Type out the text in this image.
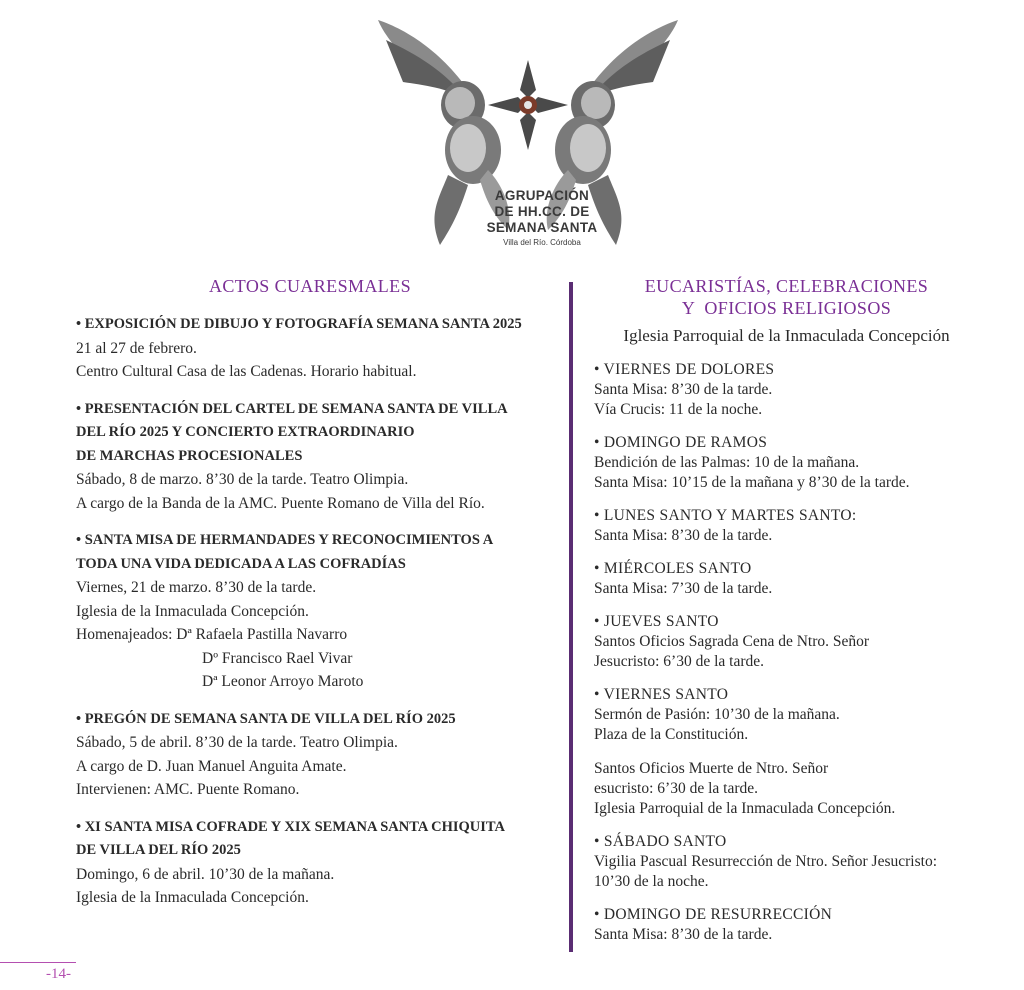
AGRUPACIÓN
DE HH.CC. DE
SEMANA SANTA
Villa del Río. Córdoba
ACTOS CUARESMALES

• EXPOSICIÓN DE DIBUJO Y FOTOGRAFÍA SEMANA SANTA 2025

21 al 27 de febrero.

Centro Cultural Casa de las Cadenas. Horario habitual.

• PRESENTACIÓN DEL CARTEL DE SEMANA SANTA DE VILLA

DEL RÍO 2025 Y CONCIERTO EXTRAORDINARIO

DE MARCHAS PROCESIONALES

Sábado, 8 de marzo. 8’30 de la tarde. Teatro Olimpia.

A cargo de la Banda de la AMC. Puente Romano de Villa del Río.

• SANTA MISA DE HERMANDADES Y RECONOCIMIENTOS A

TODA UNA VIDA DEDICADA A LAS COFRADÍAS

Viernes, 21 de marzo. 8’30 de la tarde.

Iglesia de la Inmaculada Concepción.

Homenajeados: Dª Rafaela Pastilla Navarro

Dº Francisco Rael Vivar

Dª Leonor Arroyo Maroto

• PREGÓN DE SEMANA SANTA DE VILLA DEL RÍO 2025

Sábado, 5 de abril. 8’30 de la tarde. Teatro Olimpia.

A cargo de D. Juan Manuel Anguita Amate.

Intervienen: AMC. Puente Romano.

• XI SANTA MISA COFRADE Y XIX SEMANA SANTA CHIQUITA

DE VILLA DEL RÍO 2025

Domingo, 6 de abril. 10’30 de la mañana.

Iglesia de la Inmaculada Concepción.

EUCARISTÍAS, CELEBRACIONES
Y  OFICIOS RELIGIOSOS

Iglesia Parroquial de la Inmaculada Concepción

• VIERNES DE DOLORES

Santa Misa: 8’30 de la tarde.

Vía Crucis: 11 de la noche.

• DOMINGO DE RAMOS

Bendición de las Palmas: 10 de la mañana.

Santa Misa: 10’15 de la mañana y 8’30 de la tarde.

• LUNES SANTO Y MARTES SANTO:

Santa Misa: 8’30 de la tarde.

• MIÉRCOLES SANTO

Santa Misa: 7’30 de la tarde.

• JUEVES SANTO

Santos Oficios Sagrada Cena de Ntro. Señor

Jesucristo: 6’30 de la tarde.

• VIERNES SANTO

Sermón de Pasión: 10’30 de la mañana.

Plaza de la Constitución.

Santos Oficios Muerte de Ntro. Señor

esucristo: 6’30 de la tarde.

Iglesia Parroquial de la Inmaculada Concepción.

• SÁBADO SANTO

Vigilia Pascual Resurrección de Ntro. Señor Jesucristo:

10’30 de la noche.

• DOMINGO DE RESURRECCIÓN

Santa Misa: 8’30 de la tarde.

-14-
